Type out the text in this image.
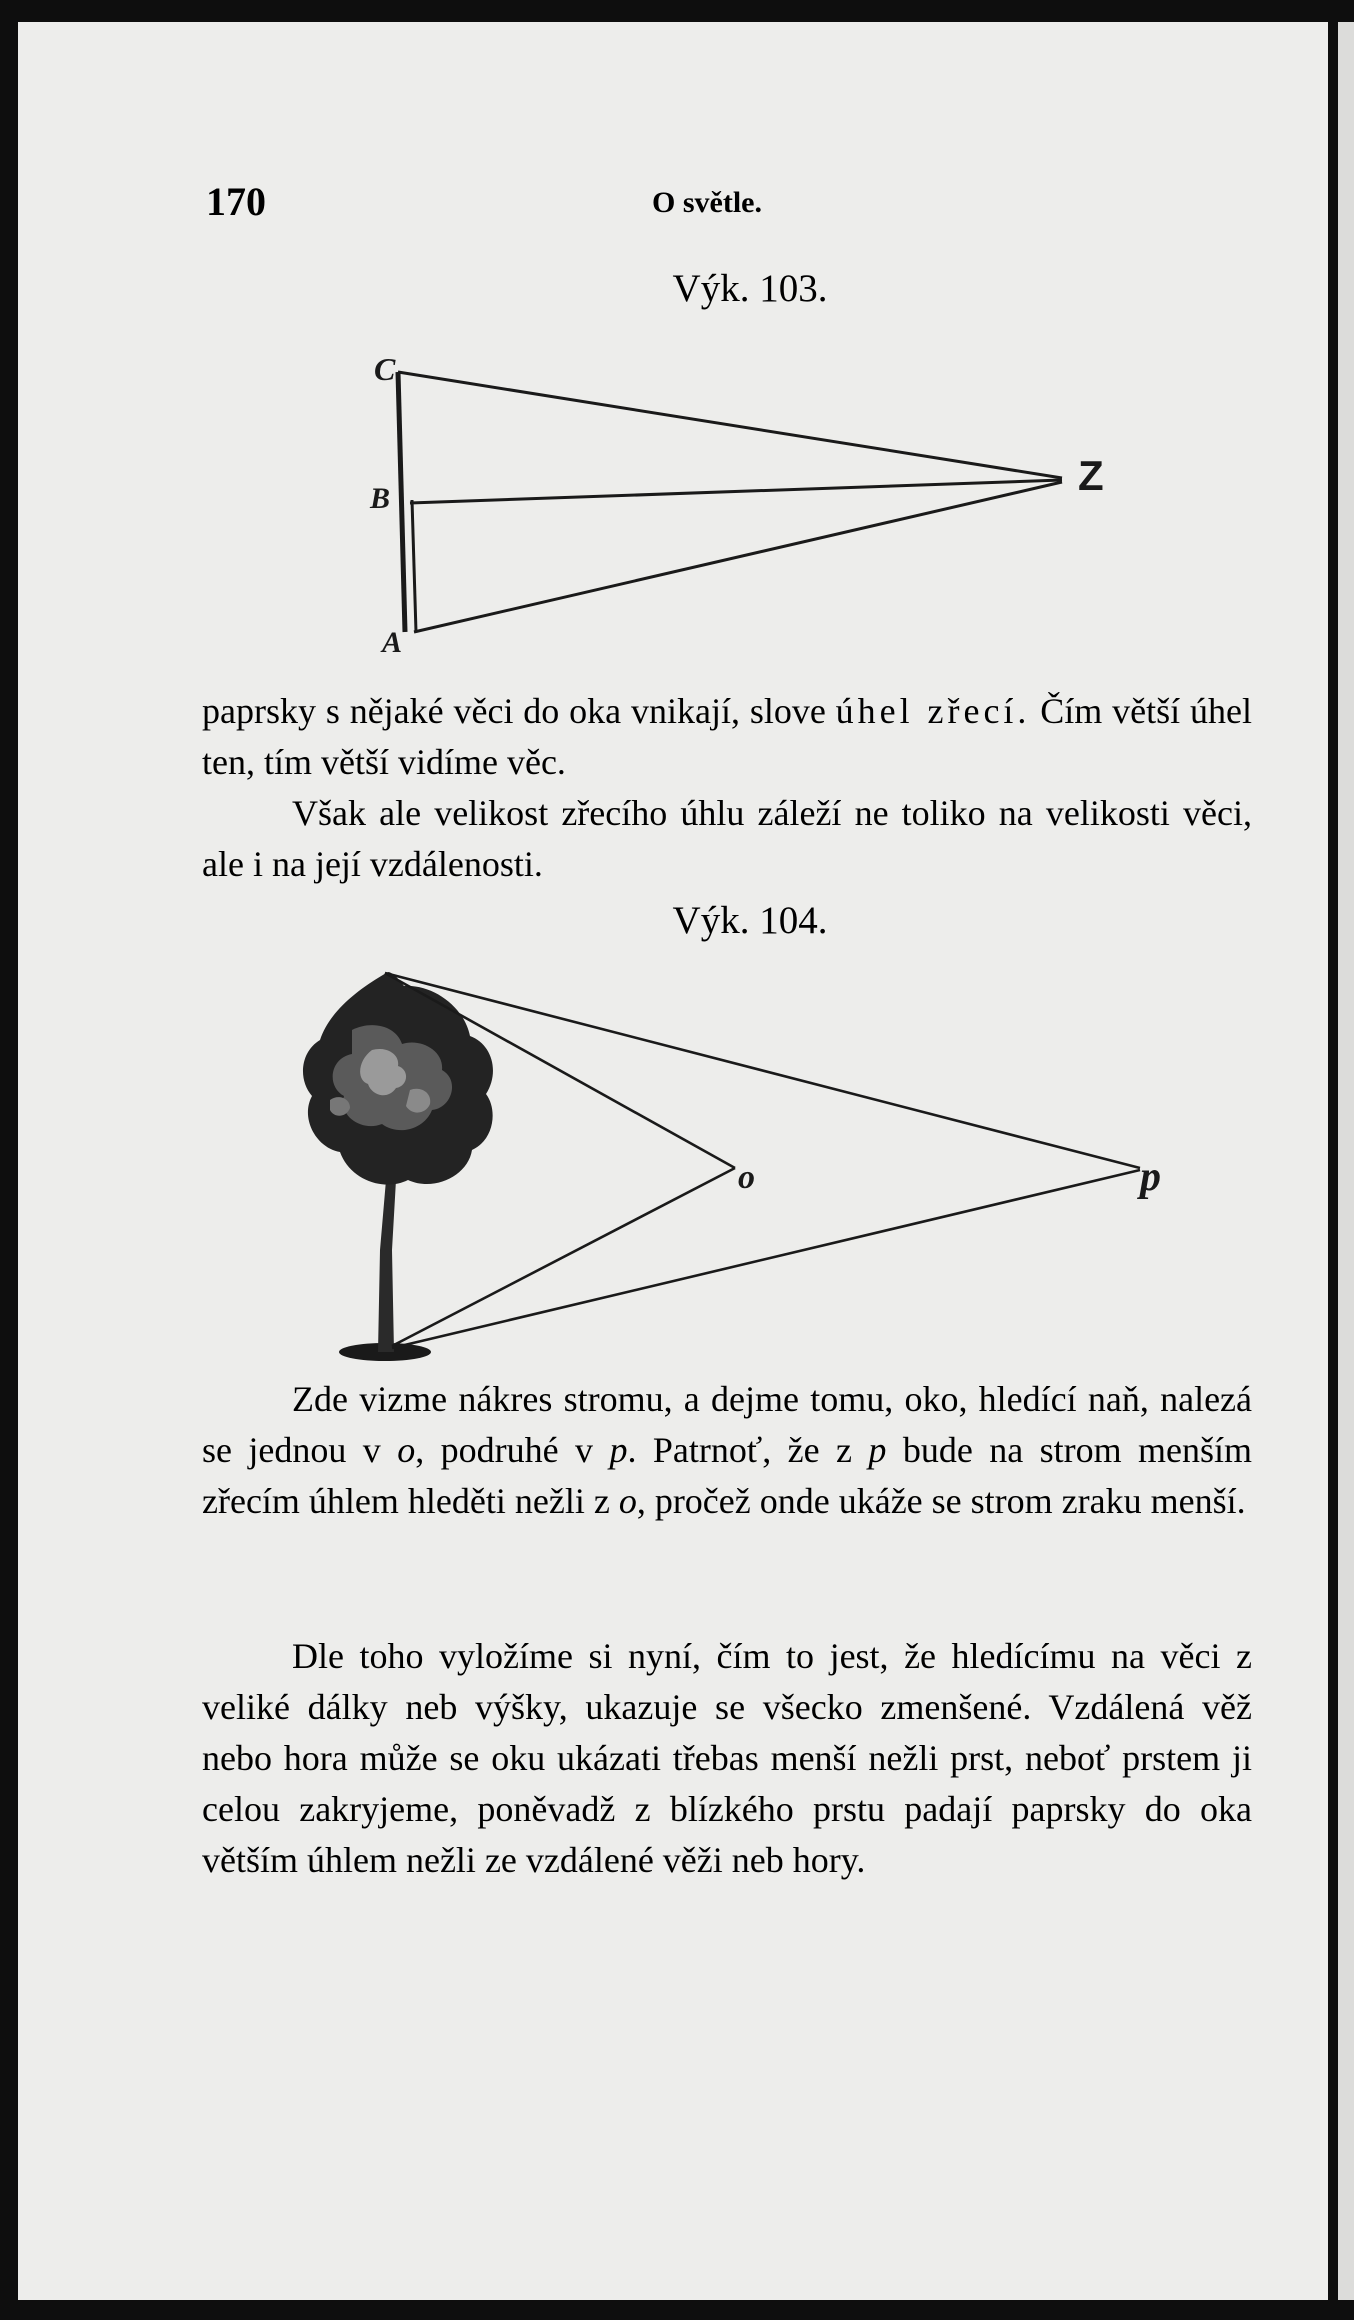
170	O světle.
Výk. 103.
C
B
A
Z
o	p

paprsky s nějaké věci do oka vnikají, slove úhel zřecí. Čím větší úhel ten, tím větší vidíme věc.

Však ale velikost zřecího úhlu záleží ne toliko na velikosti věci, ale i na její vzdálenosti.

Výk. 104.

Zde vizme nákres stromu, a dejme tomu, oko, hledící naň, nalezá se jednou v o, podruhé v p. Patrnoť, že z p bude na strom menším zřecím úhlem hleděti nežli z o, pročež onde ukáže se strom zraku menší.

Dle toho vyložíme si nyní, čím to jest, že hledícímu na věci z veliké dálky neb výšky, ukazuje se všecko zmenšené. Vzdálená věž nebo hora může se oku ukázati třebas menší nežli prst, neboť prstem ji celou zakryjeme, poněvadž z blízkého prstu padají paprsky do oka větším úhlem nežli ze vzdálené věži neb hory.
